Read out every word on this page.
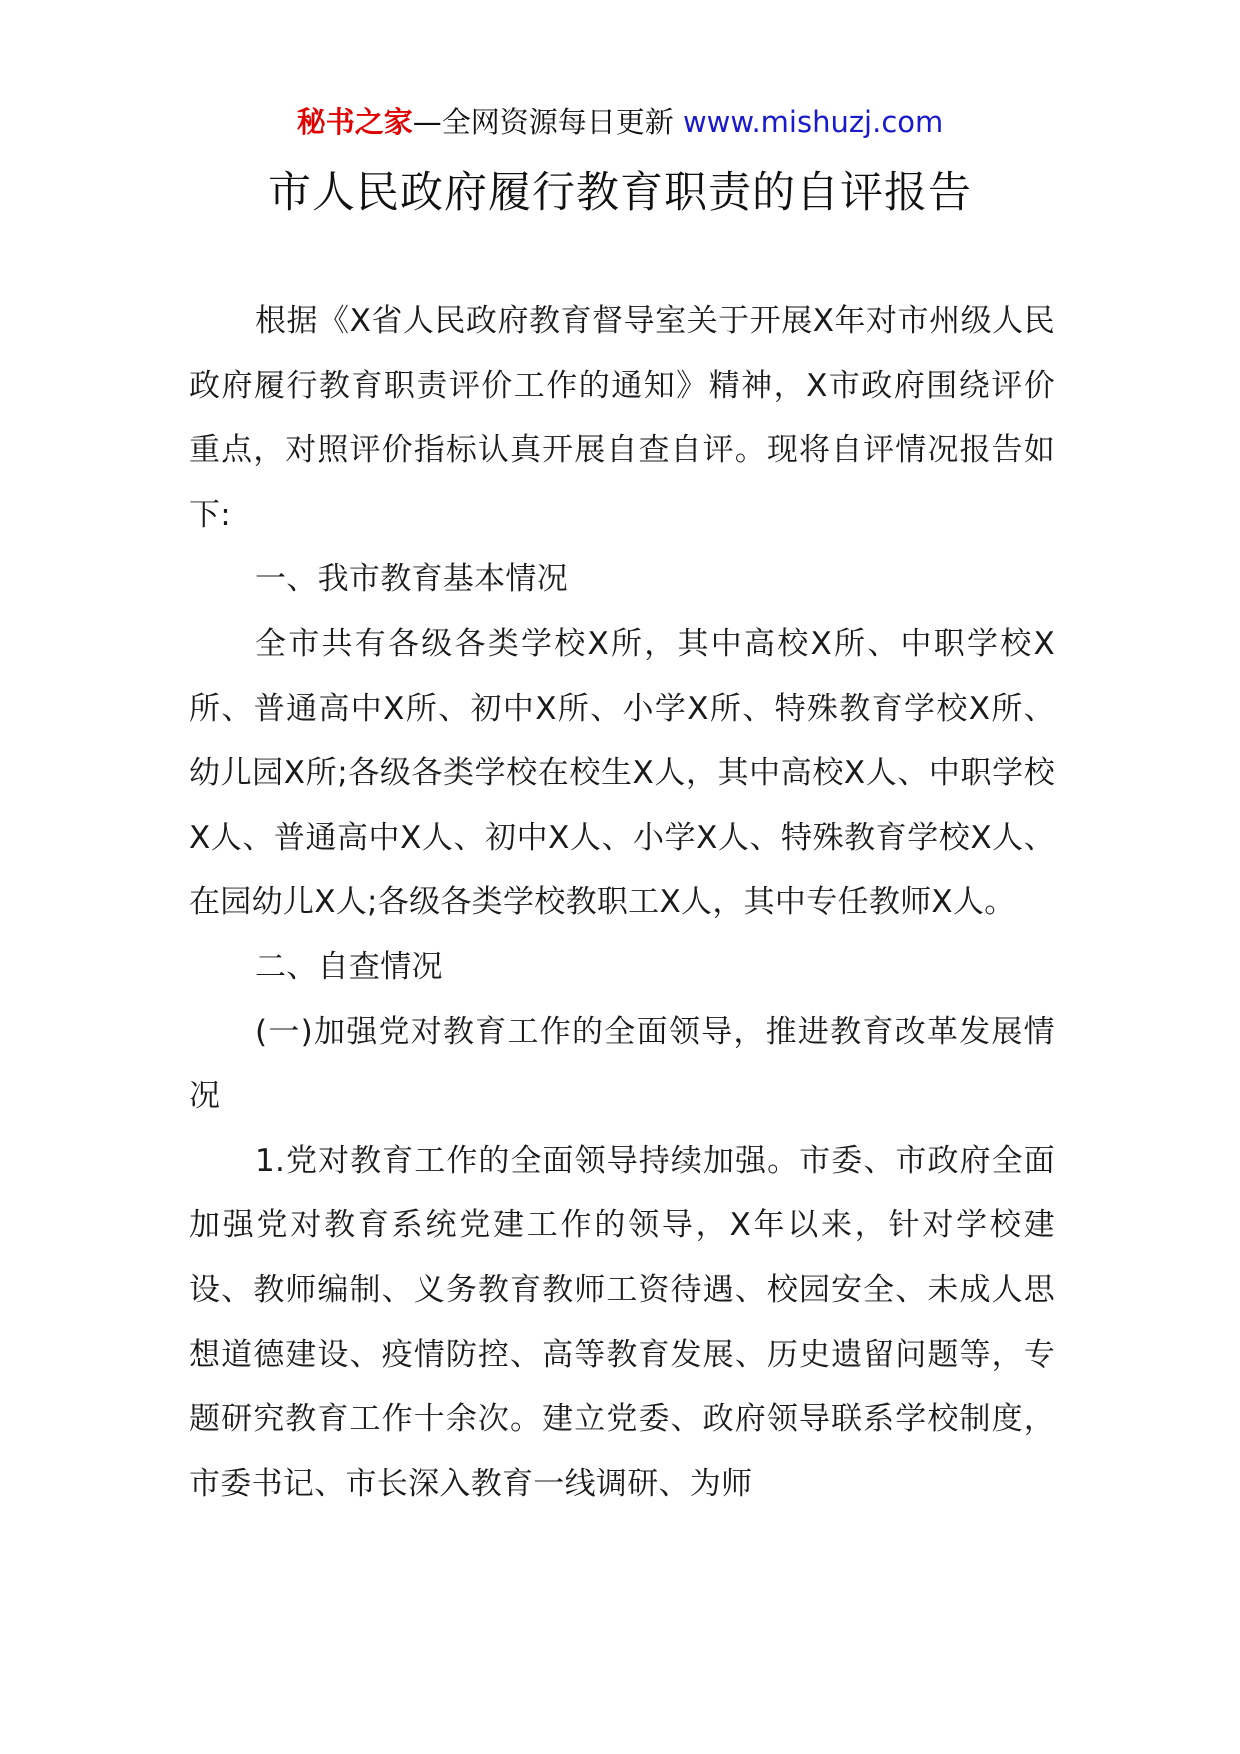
秘书之家—全网资源每日更新 www.mishuzj.com
市人民政府履行教育职责的自评报告

根据《X省人民政府教育督导室关于开展X年对市州级人民政府履行教育职责评价工作的通知》精神，X市政府围绕评价重点，对照评价指标认真开展自查自评。现将自评情况报告如下:

一、我市教育基本情况

全市共有各级各类学校X所，其中高校X所、中职学校X所、普通高中X所、初中X所、小学X所、特殊教育学校X所、幼儿园X所;各级各类学校在校生X人，其中高校X人、中职学校X人、普通高中X人、初中X人、小学X人、特殊教育学校X人、在园幼儿X人;各级各类学校教职工X人，其中专任教师X人。

二、自查情况

(一)加强党对教育工作的全面领导，推进教育改革发展情况

1.党对教育工作的全面领导持续加强。市委、市政府全面加强党对教育系统党建工作的领导，X年以来，针对学校建设、教师编制、义务教育教师工资待遇、校园安全、未成人思想道德建设、疫情防控、高等教育发展、历史遗留问题等，专题研究教育工作十余次。建立党委、政府领导联系学校制度，市委书记、市长深入教育一线调研、为师
